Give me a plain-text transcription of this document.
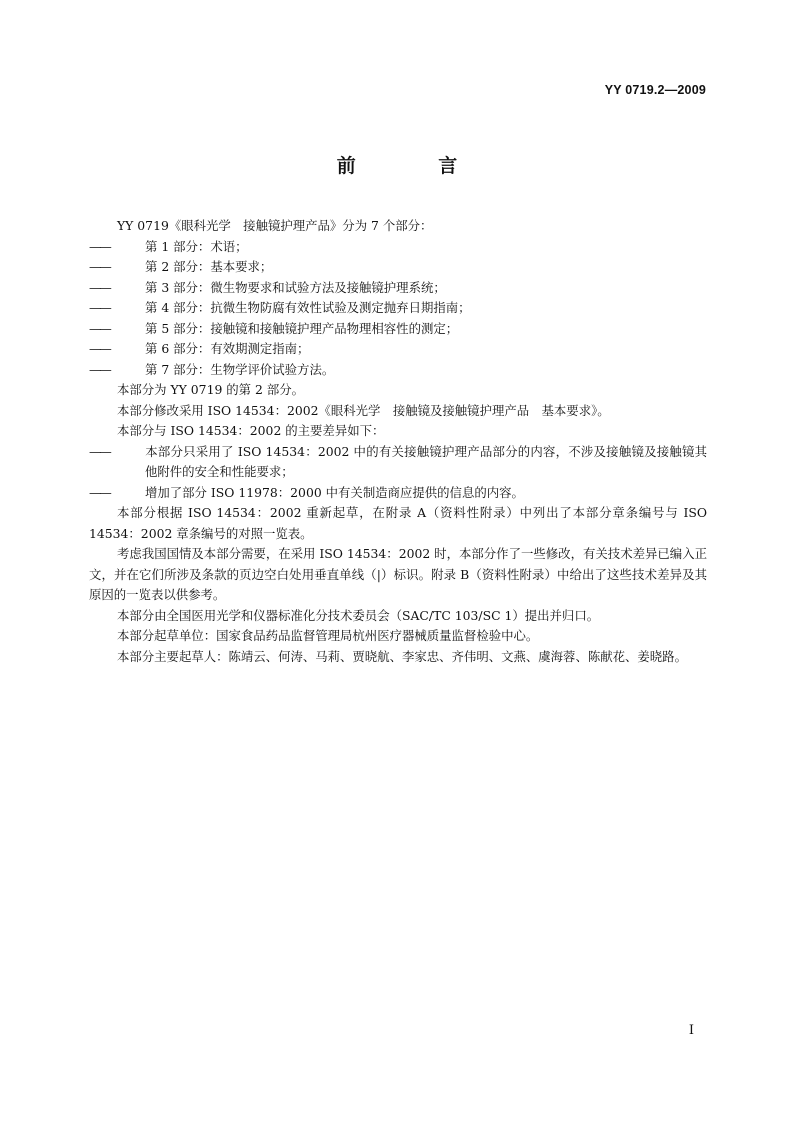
YY 0719.2—2009
前 言

YY 0719《眼科光学　接触镜护理产品》分为 7 个部分：

——	第 1 部分：术语；

——	第 2 部分：基本要求；

——	第 3 部分：微生物要求和试验方法及接触镜护理系统；

——	第 4 部分：抗微生物防腐有效性试验及测定抛弃日期指南；

——	第 5 部分：接触镜和接触镜护理产品物理相容性的测定；

——	第 6 部分：有效期测定指南；

——	第 7 部分：生物学评价试验方法。

本部分为 YY 0719 的第 2 部分。

本部分修改采用 ISO 14534：2002《眼科光学　接触镜及接触镜护理产品　基本要求》。

本部分与 ISO 14534：2002 的主要差异如下：

——	本部分只采用了 ISO 14534：2002 中的有关接触镜护理产品部分的内容，不涉及接触镜及接触镜其他附件的安全和性能要求；

——	增加了部分 ISO 11978：2000 中有关制造商应提供的信息的内容。

本部分根据 ISO 14534：2002 重新起草，在附录 A（资料性附录）中列出了本部分章条编号与 ISO 14534：2002 章条编号的对照一览表。

考虑我国国情及本部分需要，在采用 ISO 14534：2002 时，本部分作了一些修改，有关技术差异已编入正文，并在它们所涉及条款的页边空白处用垂直单线（|）标识。附录 B（资料性附录）中给出了这些技术差异及其原因的一览表以供参考。

本部分由全国医用光学和仪器标准化分技术委员会（SAC/TC 103/SC 1）提出并归口。

本部分起草单位：国家食品药品监督管理局杭州医疗器械质量监督检验中心。

本部分主要起草人：陈靖云、何涛、马莉、贾晓航、李家忠、齐伟明、文燕、虞海蓉、陈献花、姜晓路。

I
